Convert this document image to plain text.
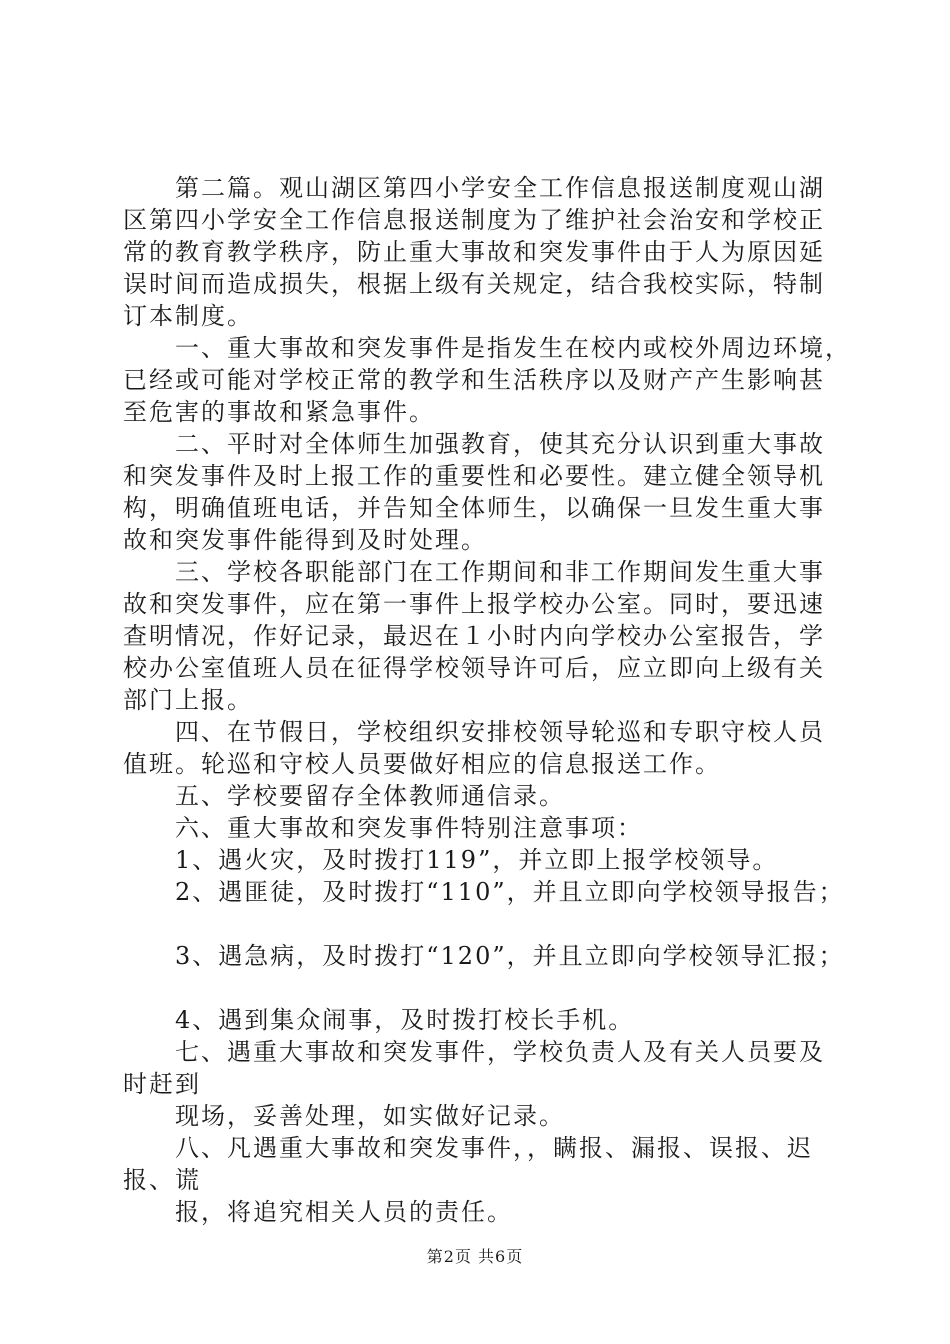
　　第二篇。观山湖区第四小学安全工作信息报送制度观山湖
区第四小学安全工作信息报送制度为了维护社会治安和学校正
常的教育教学秩序，防止重大事故和突发事件由于人为原因延
误时间而造成损失，根据上级有关规定，结合我校实际，特制
订本制度。
　　一、重大事故和突发事件是指发生在校内或校外周边环境，
已经或可能对学校正常的教学和生活秩序以及财产产生影响甚
至危害的事故和紧急事件。
　　二、平时对全体师生加强教育，使其充分认识到重大事故
和突发事件及时上报工作的重要性和必要性。建立健全领导机
构，明确值班电话，并告知全体师生，以确保一旦发生重大事
故和突发事件能得到及时处理。
　　三、学校各职能部门在工作期间和非工作期间发生重大事
故和突发事件，应在第一事件上报学校办公室。同时，要迅速
查明情况，作好记录，最迟在１小时内向学校办公室报告，学
校办公室值班人员在征得学校领导许可后，应立即向上级有关
部门上报。
　　四、在节假日，学校组织安排校领导轮巡和专职守校人员
值班。轮巡和守校人员要做好相应的信息报送工作。
　　五、学校要留存全体教师通信录。
　　六、重大事故和突发事件特别注意事项：
　　1、遇火灾，及时拨打119”，并立即上报学校领导。
　　2、遇匪徒，及时拨打“110”，并且立即向学校领导报告；
　　3、遇急病，及时拨打“120”，并且立即向学校领导汇报；
　　4、遇到集众闹事，及时拨打校长手机。
　　七、遇重大事故和突发事件，学校负责人及有关人员要及
时赶到
　　现场，妥善处理，如实做好记录。
　　八、凡遇重大事故和突发事件，，瞒报、漏报、误报、迟
报、谎
　　报，将追究相关人员的责任。
第2页 共6页
